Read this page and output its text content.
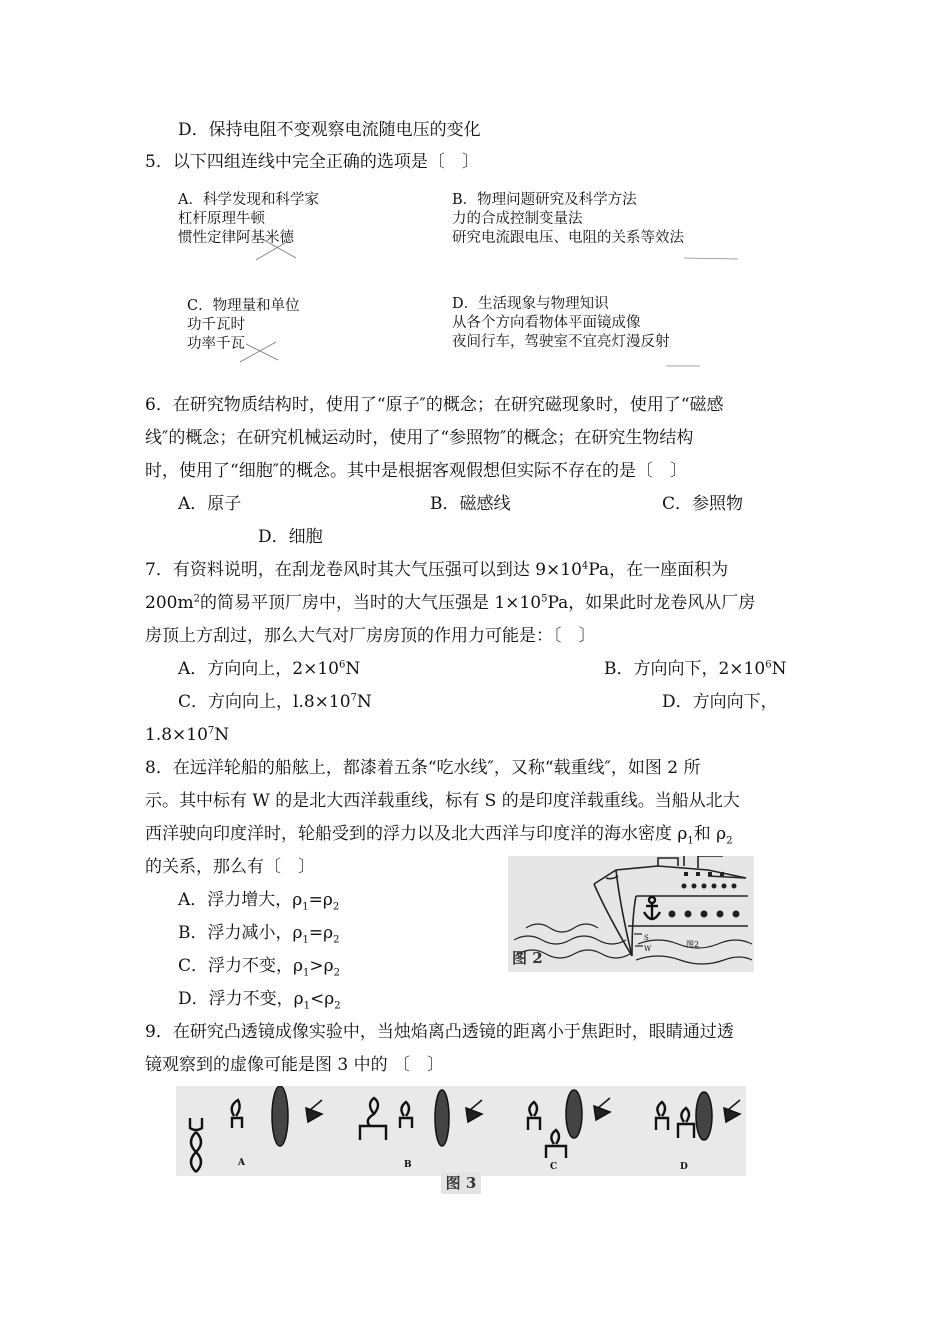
D．保持电阻不变观察电流随电压的变化
5．以下四组连线中完全正确的选项是〔　〕
A．科学发现和科学家
杠杆原理牛顿
惯性定律阿基米德
B．物理问题研究及科学方法
力的合成控制变量法
研究电流跟电压、电阻的关系等效法
C．物理量和单位
功千瓦时
功率千瓦
D．生活现象与物理知识
从各个方向看物体平面镜成像
夜间行车，驾驶室不宜亮灯漫反射
6．在研究物质结构时，使用了“原子″的概念；在研究磁现象时，使用了“磁感
线″的概念；在研究机械运动时，使用了“参照物″的概念；在研究生物结构
时，使用了“细胞″的概念。其中是根据客观假想但实际不存在的是〔　〕
A．原子	B．磁感线	C．参照物
D．细胞
7．有资料说明，在刮龙卷风时其大气压强可以到达 $9\times 10^4Pa$，在一座面积为
$200m^2$的简易平顶厂房中，当时的大气压强是 $1\times 10^5Pa$，如果此时龙卷风从厂房
房顶上方刮过，那么大气对厂房房顶的作用力可能是：〔　〕
A．方向向上，$2\times 10^6N$	B．方向向下，$2\times 10^6N$
C．方向向上，$l.8\times 10^7N$	D．方向向下，
$1.8\times 10^7N$
8．在远洋轮船的船舷上，都漆着五条“吃水线″，又称“载重线″，如图 2 所
示。其中标有 W 的是北大西洋载重线，标有 S 的是印度洋载重线。当船从北大
西洋驶向印度洋时，轮船受到的浮力以及北大西洋与印度洋的海水密度 $\rho_1$和 $\rho_2$
的关系，那么有〔　〕
A．浮力增大，$\rho_1=\rho_2$
B．浮力减小，$\rho_1=\rho_2$
C．浮力不变，$\rho_1>\rho_2$
D．浮力不变，$\rho_1<\rho_2$
S
W	图2
图 2
9．在研究凸透镜成像实验中，当烛焰离凸透镜的距离小于焦距时，眼睛通过透
镜观察到的虚像可能是图 3 中的 〔　〕
A	B	C	D
图 3
